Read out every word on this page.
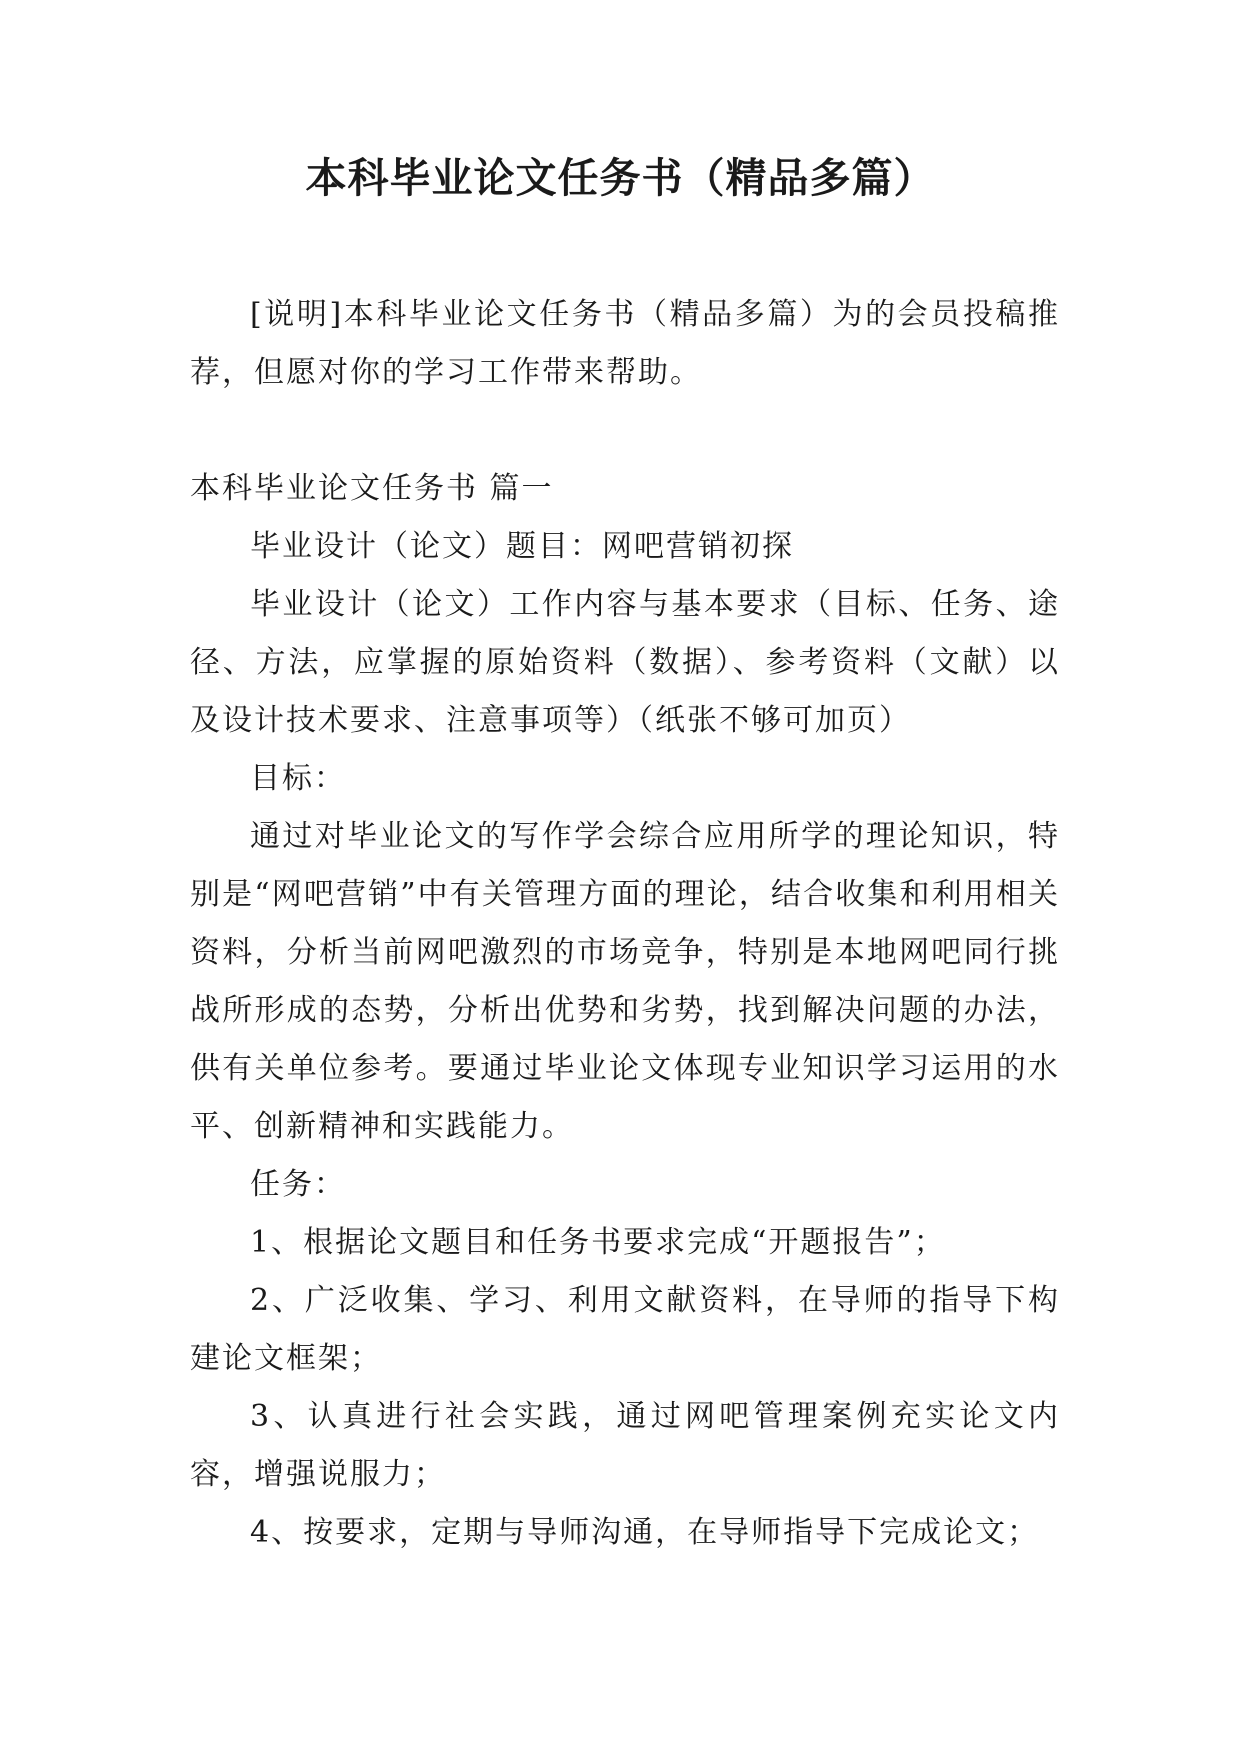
本科毕业论文任务书（精品多篇）

[说明]本科毕业论文任务书（精品多篇）为的会员投稿推荐，但愿对你的学习工作带来帮助。

本科毕业论文任务书 篇一

毕业设计（论文）题目：网吧营销初探

毕业设计（论文）工作内容与基本要求（目标、任务、途径、方法，应掌握的原始资料（数据）、参考资料（文献）以及设计技术要求、注意事项等）（纸张不够可加页）

目标：

通过对毕业论文的写作学会综合应用所学的理论知识，特别是“网吧营销”中有关管理方面的理论，结合收集和利用相关资料，分析当前网吧激烈的市场竞争，特别是本地网吧同行挑战所形成的态势，分析出优势和劣势，找到解决问题的办法，供有关单位参考。要通过毕业论文体现专业知识学习运用的水平、创新精神和实践能力。

任务：

1、根据论文题目和任务书要求完成“开题报告”；

2、广泛收集、学习、利用文献资料，在导师的指导下构建论文框架；

3、认真进行社会实践，通过网吧管理案例充实论文内容，增强说服力；

4、按要求，定期与导师沟通，在导师指导下完成论文；
